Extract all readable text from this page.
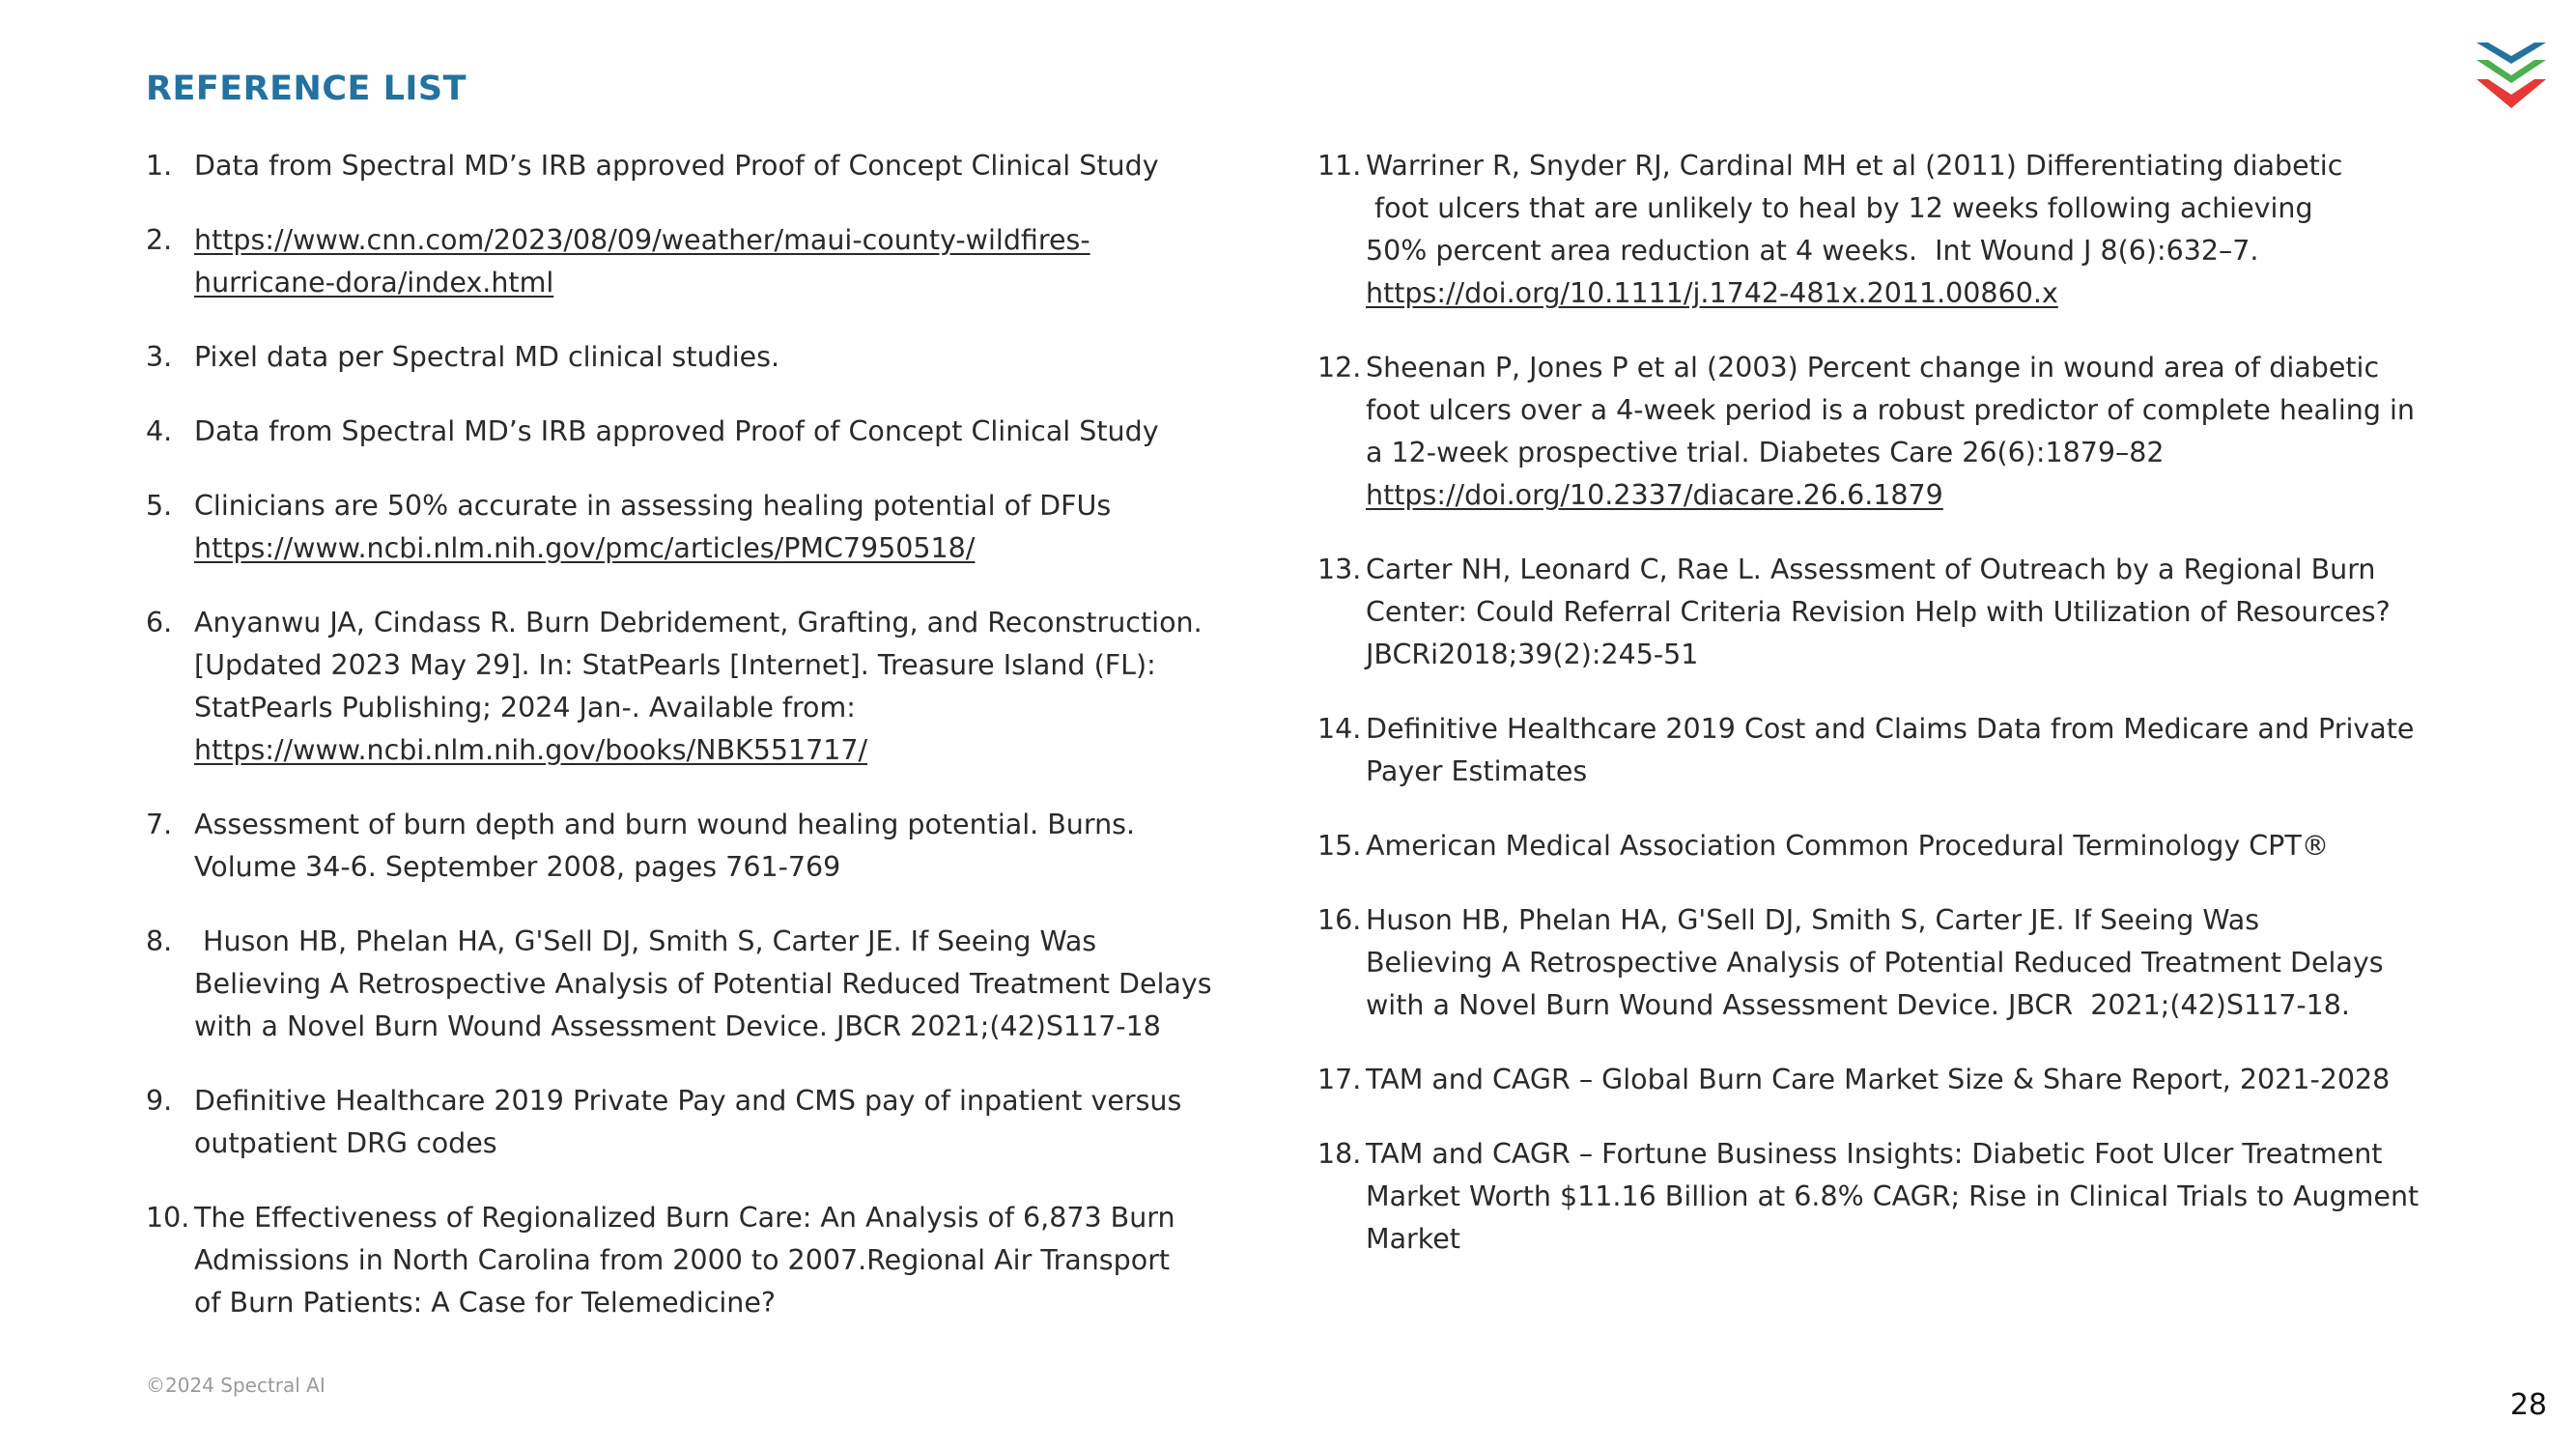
REFERENCE LIST
1. Data from Spectral MD’s IRB approved Proof of Concept Clinical Study
2. https://www.cnn.com/2023/08/09/weather/maui-county-wildfires-
hurricane-dora/index.html
3. Pixel data per Spectral MD clinical studies.
4. Data from Spectral MD’s IRB approved Proof of Concept Clinical Study
5. Clinicians are 50% accurate in assessing healing potential of DFUs
https://www.ncbi.nlm.nih.gov/pmc/articles/PMC7950518/
6. Anyanwu JA, Cindass R. Burn Debridement, Grafting, and Reconstruction.
[Updated 2023 May 29]. In: StatPearls [Internet]. Treasure Island (FL):
StatPearls Publishing; 2024 Jan-. Available from:
https://www.ncbi.nlm.nih.gov/books/NBK551717/
7. Assessment of burn depth and burn wound healing potential. Burns.
Volume 34-6. September 2008, pages 761-769
8. Huson HB, Phelan HA, G'Sell DJ, Smith S, Carter JE. If Seeing Was
Believing A Retrospective Analysis of Potential Reduced Treatment Delays
with a Novel Burn Wound Assessment Device. JBCR 2021;(42)S117-18
9. Definitive Healthcare 2019 Private Pay and CMS pay of inpatient versus
outpatient DRG codes
10. The Effectiveness of Regionalized Burn Care: An Analysis of 6,873 Burn
Admissions in North Carolina from 2000 to 2007.Regional Air Transport
of Burn Patients: A Case for Telemedicine?
11. Warriner R, Snyder RJ, Cardinal MH et al (2011) Differentiating diabetic
foot ulcers that are unlikely to heal by 12 weeks following achieving
50% percent area reduction at 4 weeks.  Int Wound J 8(6):632–7.
https://doi.org/10.1111/j.1742-481x.2011.00860.x
12. Sheenan P, Jones P et al (2003) Percent change in wound area of diabetic
foot ulcers over a 4-week period is a robust predictor of complete healing in
a 12-week prospective trial. Diabetes Care 26(6):1879–82
https://doi.org/10.2337/diacare.26.6.1879
13. Carter NH, Leonard C, Rae L. Assessment of Outreach by a Regional Burn
Center: Could Referral Criteria Revision Help with Utilization of Resources?
JBCRi2018;39(2):245-51
14. Definitive Healthcare 2019 Cost and Claims Data from Medicare and Private
Payer Estimates
15. American Medical Association Common Procedural Terminology CPT®
16. Huson HB, Phelan HA, G'Sell DJ, Smith S, Carter JE. If Seeing Was
Believing A Retrospective Analysis of Potential Reduced Treatment Delays
with a Novel Burn Wound Assessment Device. JBCR  2021;(42)S117-18.
17. TAM and CAGR – Global Burn Care Market Size & Share Report, 2021-2028
18. TAM and CAGR – Fortune Business Insights: Diabetic Foot Ulcer Treatment
Market Worth $11.16 Billion at 6.8% CAGR; Rise in Clinical Trials to Augment
Market

©2024 Spectral AI

28
